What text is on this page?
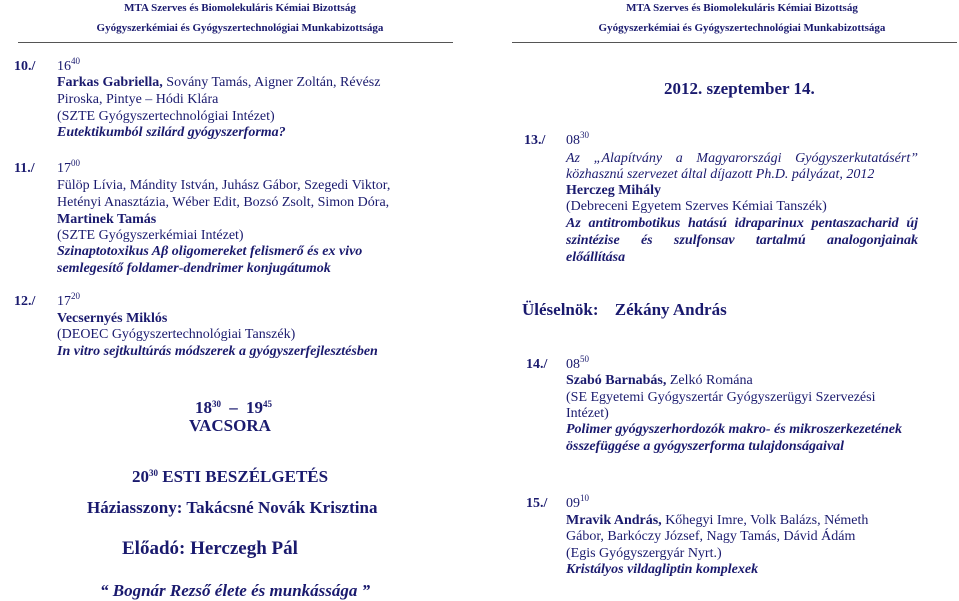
MTA Szerves és Biomolekuláris Kémiai Bizottság
Gyógyszerkémiai és Gyógyszertechnológiai Munkabizottsága
MTA Szerves és Biomolekuláris Kémiai Bizottság
Gyógyszerkémiai és Gyógyszertechnológiai Munkabizottsága
10./ $16^{40}$
Farkas Gabriella, Sovány Tamás, Aigner Zoltán, Révész
Piroska, Pintye – Hódi Klára
(SZTE Gyógyszertechnológiai Intézet)
Eutektikumból szilárd gyógyszerforma?
11./ $17^{00}$
Fülöp Lívia, Mándity István, Juhász Gábor, Szegedi Viktor,
Hetényi Anasztázia, Wéber Edit, Bozsó Zsolt, Simon Dóra,
Martinek Tamás
(SZTE Gyógyszerkémiai Intézet)
Szinaptotoxikus Aβ oligomereket felismerő és ex vivo
semlegesítő foldamer-dendrimer konjugátumok
12./ $17^{20}$
Vecsernyés Miklós
(DEOEC Gyógyszertechnológiai Tanszék)
In vitro sejtkultúrás módszerek a gyógyszerfejlesztésben
$18^{30} - 19^{45}$
VACSORA
$20^{30}$ ESTI BESZÉLGETÉS
Háziasszony: Takácsné Novák Krisztina
Előadó: Herczegh Pál
“ Bognár Rezső élete és munkássága ”
2012. szeptember 14.
13./ $08^{30}$
Az „Alapítvány a Magyarországi Gyógyszerkutatásért”
közhasznú szervezet által díjazott Ph.D. pályázat, 2012
Herczeg Mihály
(Debreceni Egyetem Szerves Kémiai Tanszék)
Az antitrombotikus hatású idraparinux pentaszacharid új
szintézise és szulfonsav tartalmú analogonjainak
előállítása
Üléselnök: Zékány András
14./ $08^{50}$
Szabó Barnabás, Zelkó Romána
(SE Egyetemi Gyógyszertár Gyógyszerügyi Szervezési
Intézet)
Polimer gyógyszerhordozók makro- és mikroszerkezetének
összefüggése a gyógyszerforma tulajdonságaival
15./ $09^{10}$
Mravik András, Kőhegyi Imre, Volk Balázs, Németh
Gábor, Barkóczy József, Nagy Tamás, Dávid Ádám
(Egis Gyógyszergyár Nyrt.)
Kristályos vildagliptin komplexek
